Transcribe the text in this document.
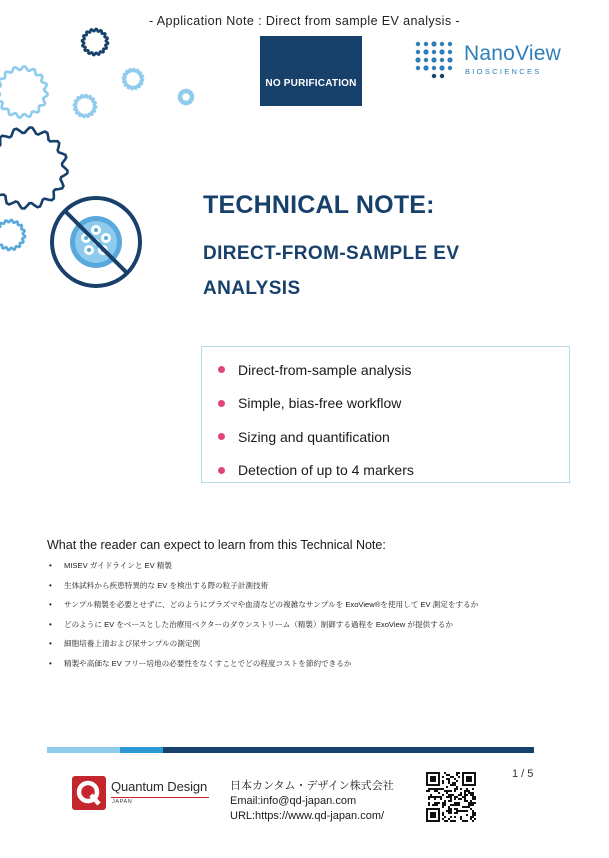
- Application Note : Direct from sample EV analysis -
NO PURIFICATION
NanoView
BIOSCIENCES
TECHNICAL NOTE:
DIRECT-FROM-SAMPLE EV ANALYSIS
Direct-from-sample analysis
Simple, bias-free workflow
Sizing and quantification
Detection of up to 4 markers
What the reader can expect to learn from this Technical Note:
• MISEV ガイドラインと EV 精製
• 生体試料から疾患特異的な EV を検出する際の粒子計測技術
• サンプル精製を必要とせずに、どのようにプラズマや血清などの複雑なサンプルを ExoView®を使用して EV 測定をするか
• どのように EV をベースとした治療用ベクターのダウンストリーム（精製）制御する過程を ExoView が提供するか
• 細胞培養上清および尿サンプルの測定例
• 精製や高価な EV フリー培地の必要性をなくすことでどの程度コストを節約できるか
Quantum Design
JAPAN
日本カンタム・デザイン株式会社
Email:info@qd-japan.com
URL:https://www.qd-japan.com/
1 / 5
